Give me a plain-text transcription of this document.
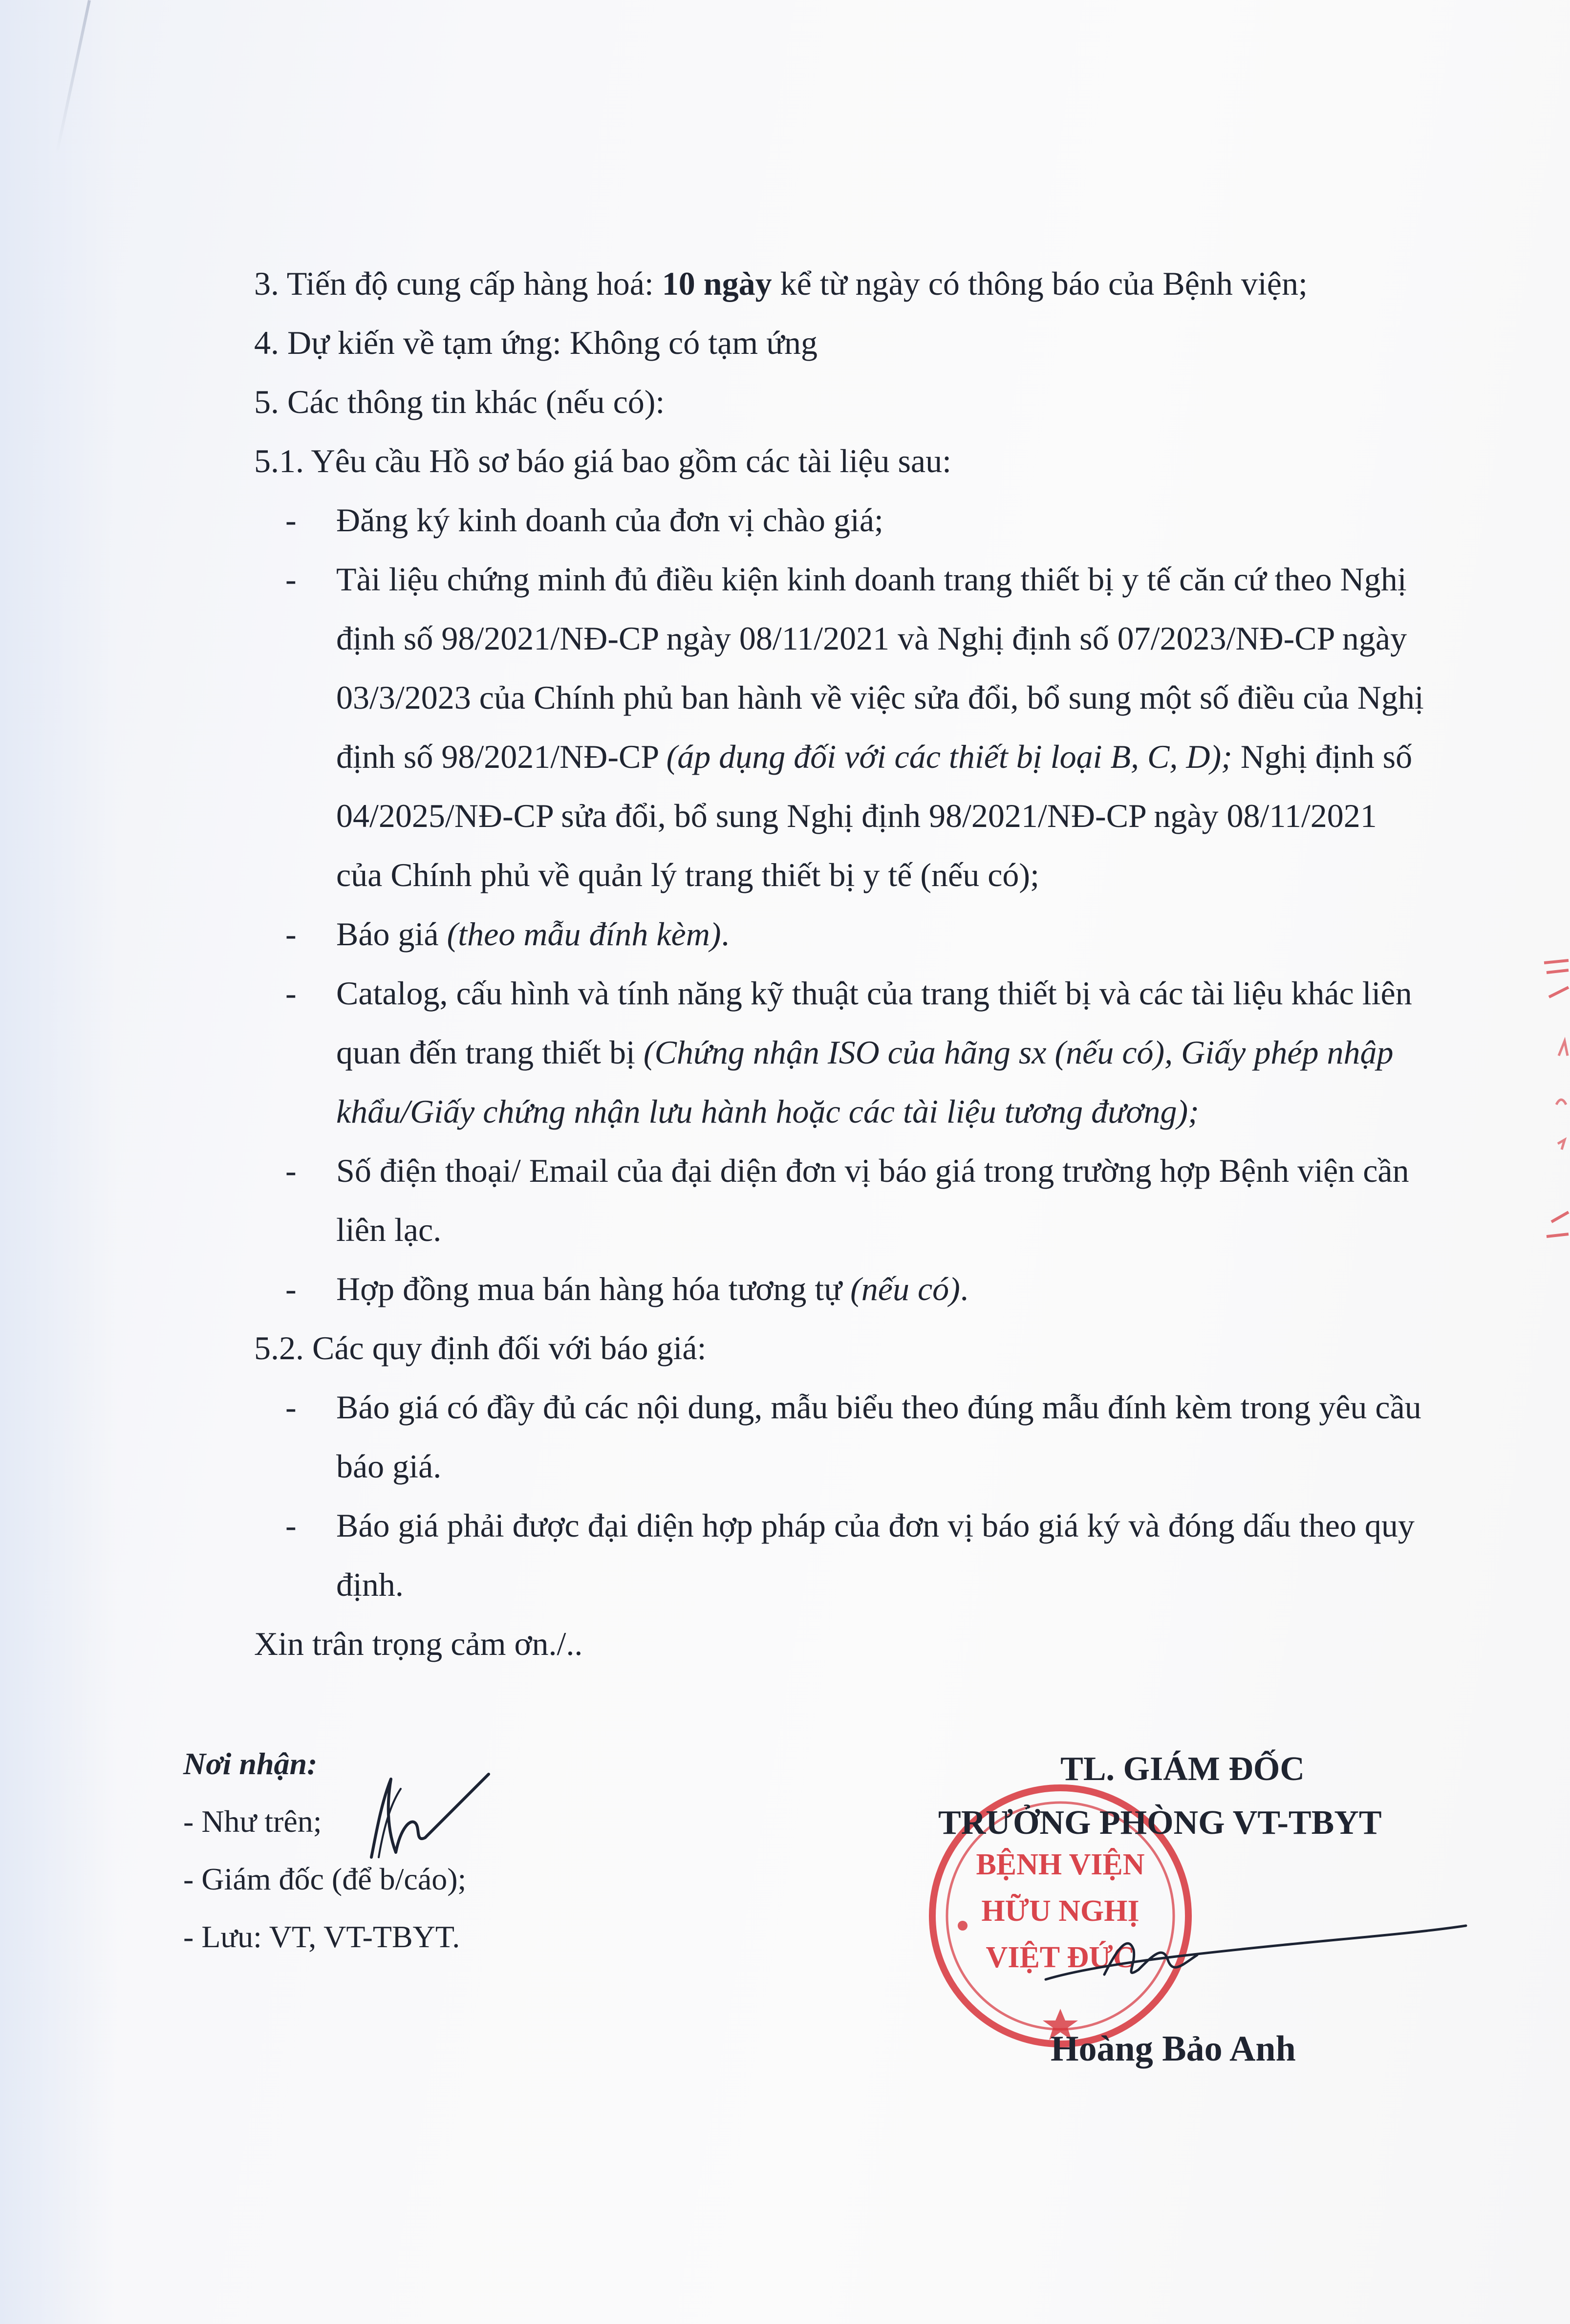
3. Tiến độ cung cấp hàng hoá: 10 ngày kể từ ngày có thông báo của Bệnh viện;

4. Dự kiến về tạm ứng: Không có tạm ứng

5. Các thông tin khác (nếu có):

5.1. Yêu cầu Hồ sơ báo giá bao gồm các tài liệu sau:

- Đăng ký kinh doanh của đơn vị chào giá;

- Tài liệu chứng minh đủ điều kiện kinh doanh trang thiết bị y tế căn cứ theo Nghị

định số 98/2021/NĐ-CP ngày 08/11/2021 và Nghị định số 07/2023/NĐ-CP ngày

03/3/2023 của Chính phủ ban hành về việc sửa đổi, bổ sung một số điều của Nghị

định số 98/2021/NĐ-CP (áp dụng đối với các thiết bị loại B, C, D); Nghị định số

04/2025/NĐ-CP sửa đổi, bổ sung Nghị định 98/2021/NĐ-CP ngày 08/11/2021

của Chính phủ về quản lý trang thiết bị y tế (nếu có);

- Báo giá (theo mẫu đính kèm).

- Catalog, cấu hình và tính năng kỹ thuật của trang thiết bị và các tài liệu khác liên

quan đến trang thiết bị (Chứng nhận ISO của hãng sx (nếu có), Giấy phép nhập

khẩu/Giấy chứng nhận lưu hành hoặc các tài liệu tương đương);

- Số điện thoại/ Email của đại diện đơn vị báo giá trong trường hợp Bệnh viện cần

liên lạc.

- Hợp đồng mua bán hàng hóa tương tự (nếu có).

5.2. Các quy định đối với báo giá:

- Báo giá có đầy đủ các nội dung, mẫu biểu theo đúng mẫu đính kèm trong yêu cầu

báo giá.

- Báo giá phải được đại diện hợp pháp của đơn vị báo giá ký và đóng dấu theo quy

định.

Xin trân trọng cảm ơn./..

Nơi nhận:
- Như trên;
- Giám đốc (để b/cáo);
- Lưu: VT, VT-TBYT.
BỆNH VIỆN
HỮU NGHỊ
VIỆT ĐỨC

TL. GIÁM ĐỐC

TRƯỞNG PHÒNG VT-TBYT

Hoàng Bảo Anh
